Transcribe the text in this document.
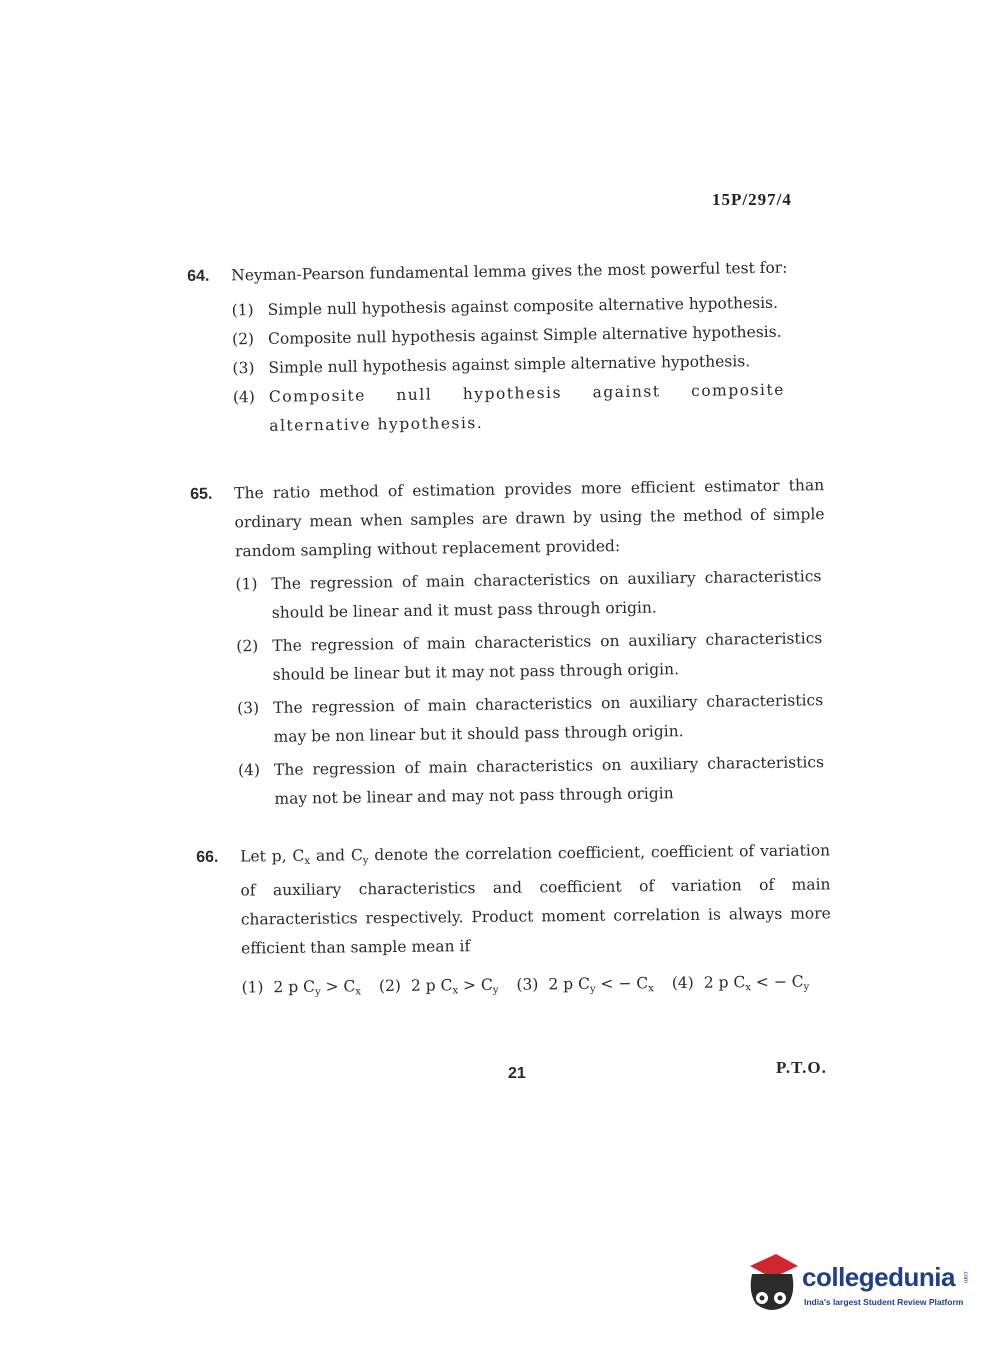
15P/297/4
64. Neyman-Pearson fundamental lemma gives the most powerful test for:
(1) Simple null hypothesis against composite alternative hypothesis.
(2) Composite null hypothesis against Simple alternative hypothesis.
(3) Simple null hypothesis against simple alternative hypothesis.
(4) Composite null hypothesis against composite alternative hypothesis.
65. The ratio method of estimation provides more efficient estimator than ordinary mean when samples are drawn by using the method of simple random sampling without replacement provided:
(1) The regression of main characteristics on auxiliary characteristics should be linear and it must pass through origin.
(2) The regression of main characteristics on auxiliary characteristics should be linear but it may not pass through origin.
(3) The regression of main characteristics on auxiliary characteristics may be non linear but it should pass through origin.
(4) The regression of main characteristics on auxiliary characteristics may not be linear and may not pass through origin
66. Let p, $C_x$ and $C_y$ denote the correlation coefficient, coefficient of variation of auxiliary characteristics and coefficient of variation of main characteristics respectively. Product moment correlation is always more efficient than sample mean if
(1) 2 p $C_y > C_x$ (2) 2 p $C_x > C_y$ (3) 2 p $C_y$ < − $C_x$ (4) 2 p $C_x$ < − $C_y$
21	P.T.O.
collegedunia .com
India's largest Student Review Platform
